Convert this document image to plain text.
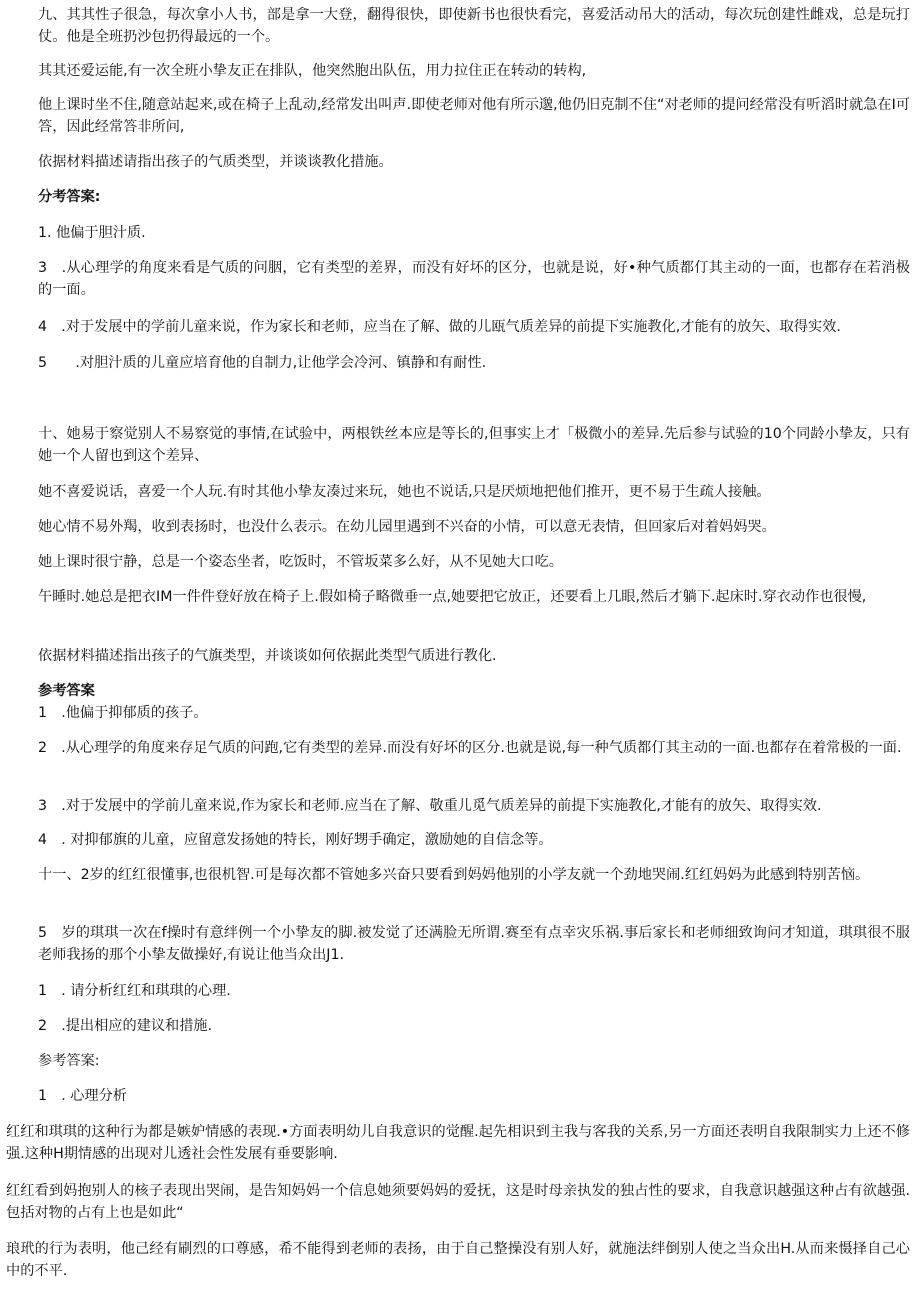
九、其其性子很急，每次拿小人书，部是拿一大登，翻得很快，即使新书也很快看完，喜爱活动吊大的活动，每次玩创建性雌戏，总是玩打仗。他是全班扔沙包扔得最远的一个。

其其还爱运能,有一次全班小挚友正在排队，他突然胞出队伍，用力拉住正在转动的转构,

他上课时坐不住,随意站起来,或在椅子上乱动,经常发出叫声.即使老师对他有所示邈,他仍旧克制不住“对老师的提问经常没有听滔时就急在I可答，因此经常答非所问,

依据材料描述请指出孩子的气质类型，并谈谈教化措施。

分考答案:

1. 他偏于胆汁质.

3　.从心理学的角度来看是气质的问胭，它有类型的差界，而没有好坏的区分，也就是说，好•种气质都仃其主动的一面，也都存在若消极的一面。

4　.对于发展中的学前儿童来说，作为家长和老师，应当在了解、做的儿瓯气质差异的前提下实施教化,才能有的放矢、取得实效.

5　　.对胆汁质的儿童应培育他的自制力,让他学会冷河、镇静和有耐性.

十、她易于察觉别人不易察觉的事情,在试验中，两根铁丝本应是等长的,但事实上才「极微小的差异.先后参与试验的10个同龄小挚友，只有她一个人留也到这个差异、

她不喜爱说话，喜爱一个人玩.有时其他小挚友凑过来玩，她也不说话,只是厌烦地把他们推开，更不易于生疏人接触。

她心情不易外羯，收到表扬时，也没什么表示。在幼儿园里遇到不兴奋的小情，可以意无表情，但回家后对着妈妈哭。

她上课时很宁静，总是一个姿态坐者，吃饭时，不管坂菜多么好，从不见她大口吃。

午睡时.她总是把衣IM一件件登好放在椅子上.假如椅子略微垂一点,她要把它放正，还要看上几眼,然后才躺下.起床时.穿衣动作也很慢,

依据材料描述指出孩子的气旗类型，并谈谈如何依据此类型气质进行教化.

参考答案

1　.他偏于抑郁质的孩子。

2　.从心理学的角度来存足气质的问跑,它有类型的差异.而没有好坏的区分.也就是说,每一种气质都仃其主动的一面.也都存在着常极的一面.

3　.对于发展中的学前儿童来说,作为家长和老师.应当在了解、敬重儿觅气质差异的前提下实施教化,才能有的放矢、取得实效.

4　. 对抑郁旗的儿童，应留意发扬她的特长，刚好甥手确定，激励她的自信念等。

十一、2岁的红红很懂事,也很机智.可是每次都不管她多兴奋只要看到妈妈他别的小学友就一个劲地哭闹.红红妈妈为此感到特别苦恼。

5　岁的琪琪一次在f操时有意绊例一个小挚友的脚.被发觉了还满脸无所谓.赛至有点幸灾乐祸.事后家长和老师细致询问才知道，琪琪很不服老师我扬的那个小挚友做操好,有说让他当众出J1.

1　. 请分析红红和琪琪的心理.

2　.提出相应的建议和措施.

参考答案:

1　. 心理分析

红红和琪琪的这种行为都是嫉妒情感的表现.•方面表明幼儿自我意识的觉醒.起先相识到主我与客我的关系,另一方面还表明自我限制实力上还不修强.这种H期情感的出现对儿透社会性发展有垂要影响.

红红看到妈抱别人的核子表现出哭闹，是告知妈妈一个信息她须要妈妈的爱抚，这是时母亲执发的独占性的要求，自我意识越强这种占有欲越强.包括对物的占有上也是如此“

琅玳的行为表明，他己经有刷烈的口尊感，希不能得到老师的表扬，由于自己整操没有别人好，就施法绊倒别人使之当众出H.从而来慑择自己心中的不平.
